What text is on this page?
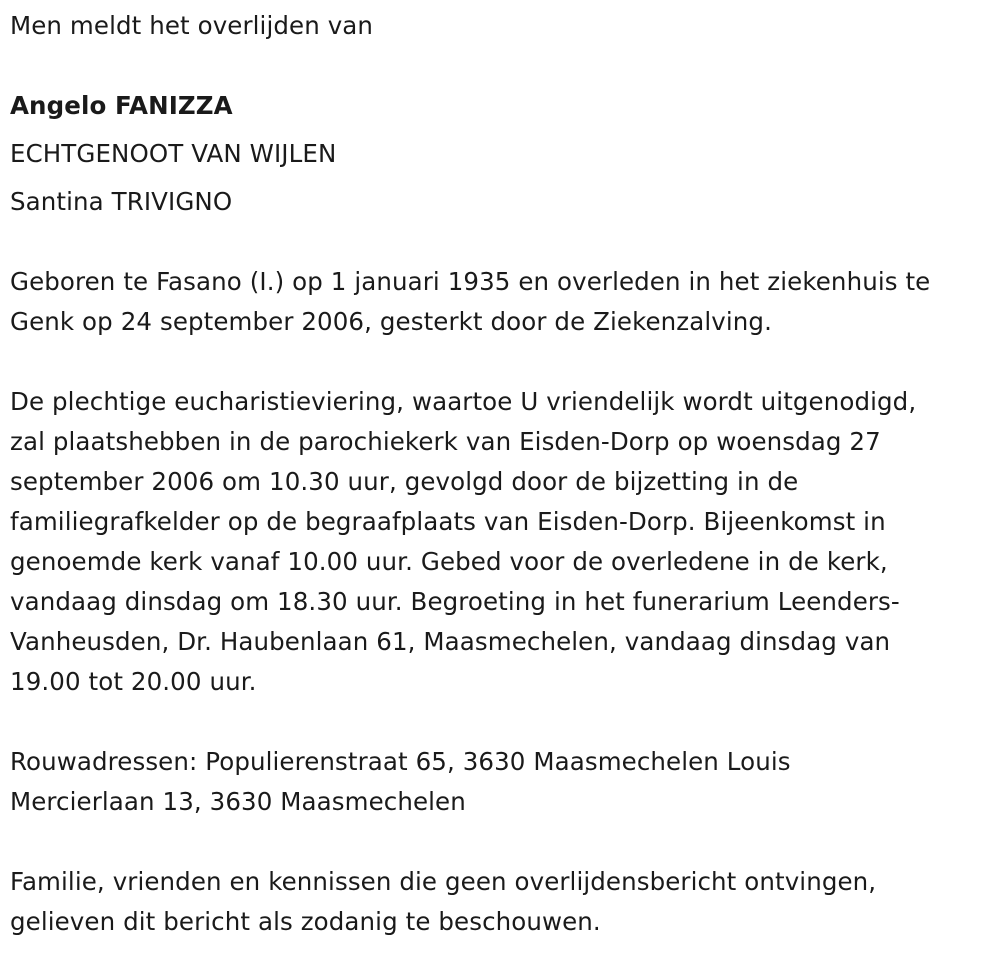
Men meldt het overlijden van
Angelo FANIZZA
ECHTGENOOT VAN WIJLEN
Santina TRIVIGNO
Geboren te Fasano (I.) op 1 januari 1935 en overleden in het ziekenhuis te
Genk op 24 september 2006, gesterkt door de Ziekenzalving.
De plechtige eucharistieviering, waartoe U vriendelijk wordt uitgenodigd,
zal plaatshebben in de parochiekerk van Eisden-Dorp op woensdag 27
september 2006 om 10.30 uur, gevolgd door de bijzetting in de
familiegrafkelder op de begraafplaats van Eisden-Dorp. Bijeenkomst in
genoemde kerk vanaf 10.00 uur. Gebed voor de overledene in de kerk,
vandaag dinsdag om 18.30 uur. Begroeting in het funerarium Leenders-
Vanheusden, Dr. Haubenlaan 61, Maasmechelen, vandaag dinsdag van
19.00 tot 20.00 uur.
Rouwadressen: Populierenstraat 65, 3630 Maasmechelen Louis
Mercierlaan 13, 3630 Maasmechelen
Familie, vrienden en kennissen die geen overlijdensbericht ontvingen,
gelieven dit bericht als zodanig te beschouwen.
